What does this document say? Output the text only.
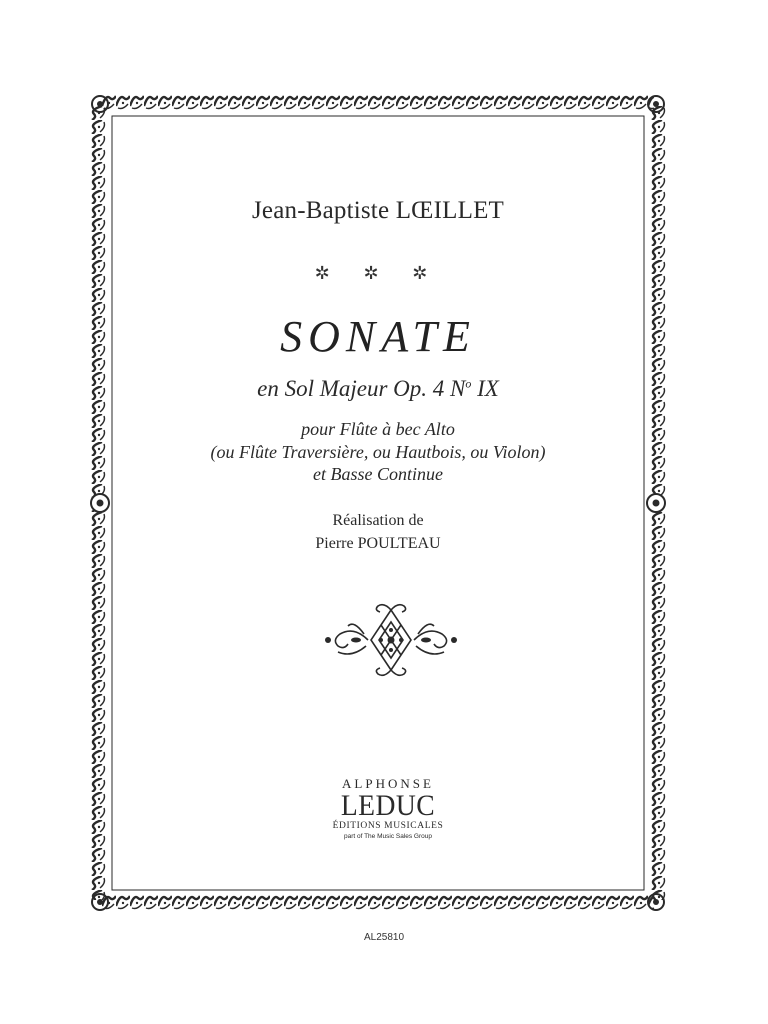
Jean-Baptiste LŒILLET
✲ ✲ ✲
SONATE
en Sol Majeur Op. 4 $N^o$ IX
pour Flûte à bec Alto
(ou Flûte Traversière, ou Hautbois, ou Violon)
et Basse Continue
Réalisation de
Pierre POULTEAU
ALPHONSE
LEDUC
ÉDITIONS MUSICALES
part of The Music Sales Group
AL25810
